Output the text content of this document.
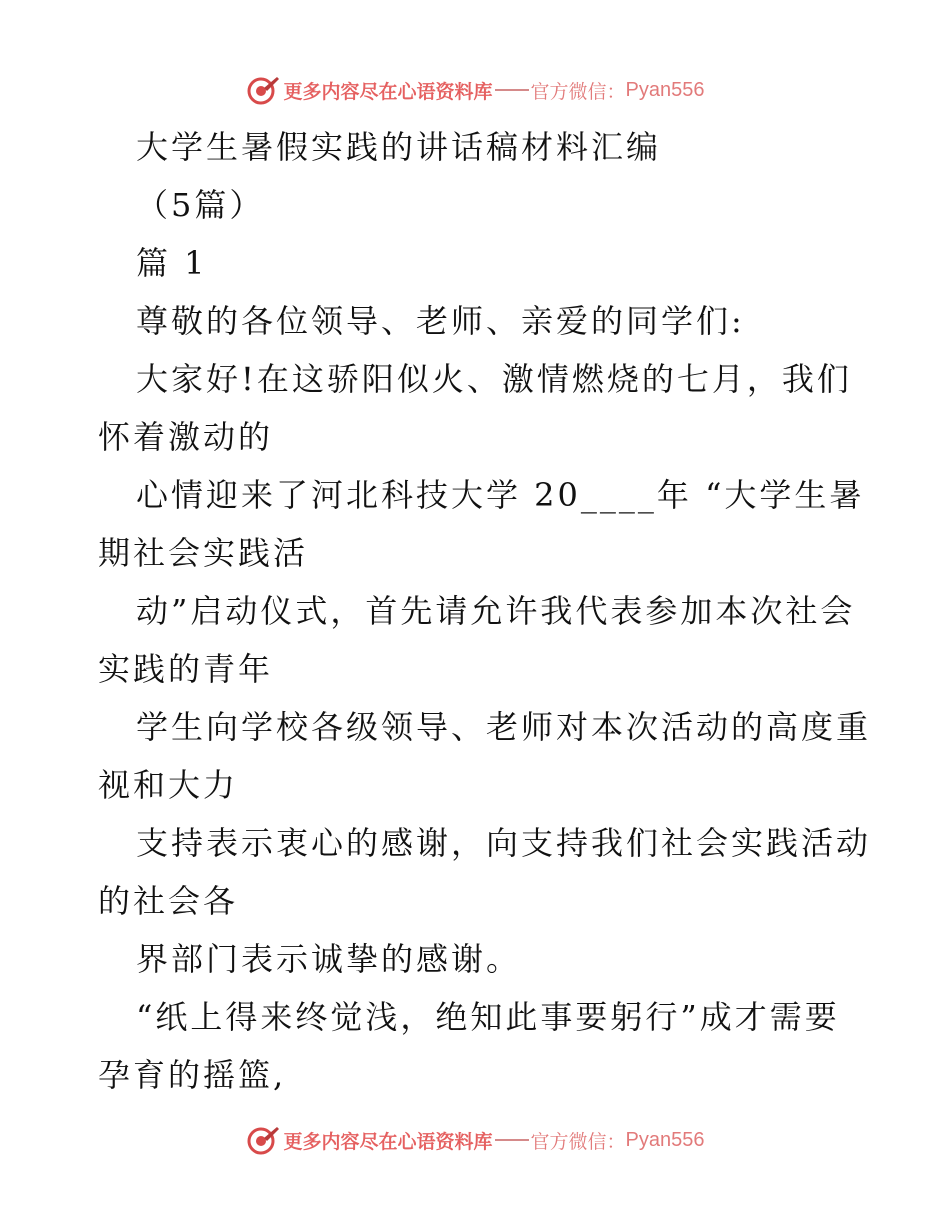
更多内容尽在心语资料库 官方微信： Pyan556
大学生暑假实践的讲话稿材料汇编
（5篇）
篇 1
尊敬的各位领导、老师、亲爱的同学们:
大家好!在这骄阳似火、激情燃烧的七月，我们
怀着激动的
心情迎来了河北科技大学 20____年 “大学生暑
期社会实践活
动”启动仪式，首先请允许我代表参加本次社会
实践的青年
学生向学校各级领导、老师对本次活动的高度重
视和大力
支持表示衷心的感谢，向支持我们社会实践活动
的社会各
界部门表示诚挚的感谢。
“纸上得来终觉浅，绝知此事要躬行”成才需要
孕育的摇篮,
更多内容尽在心语资料库 官方微信： Pyan556
